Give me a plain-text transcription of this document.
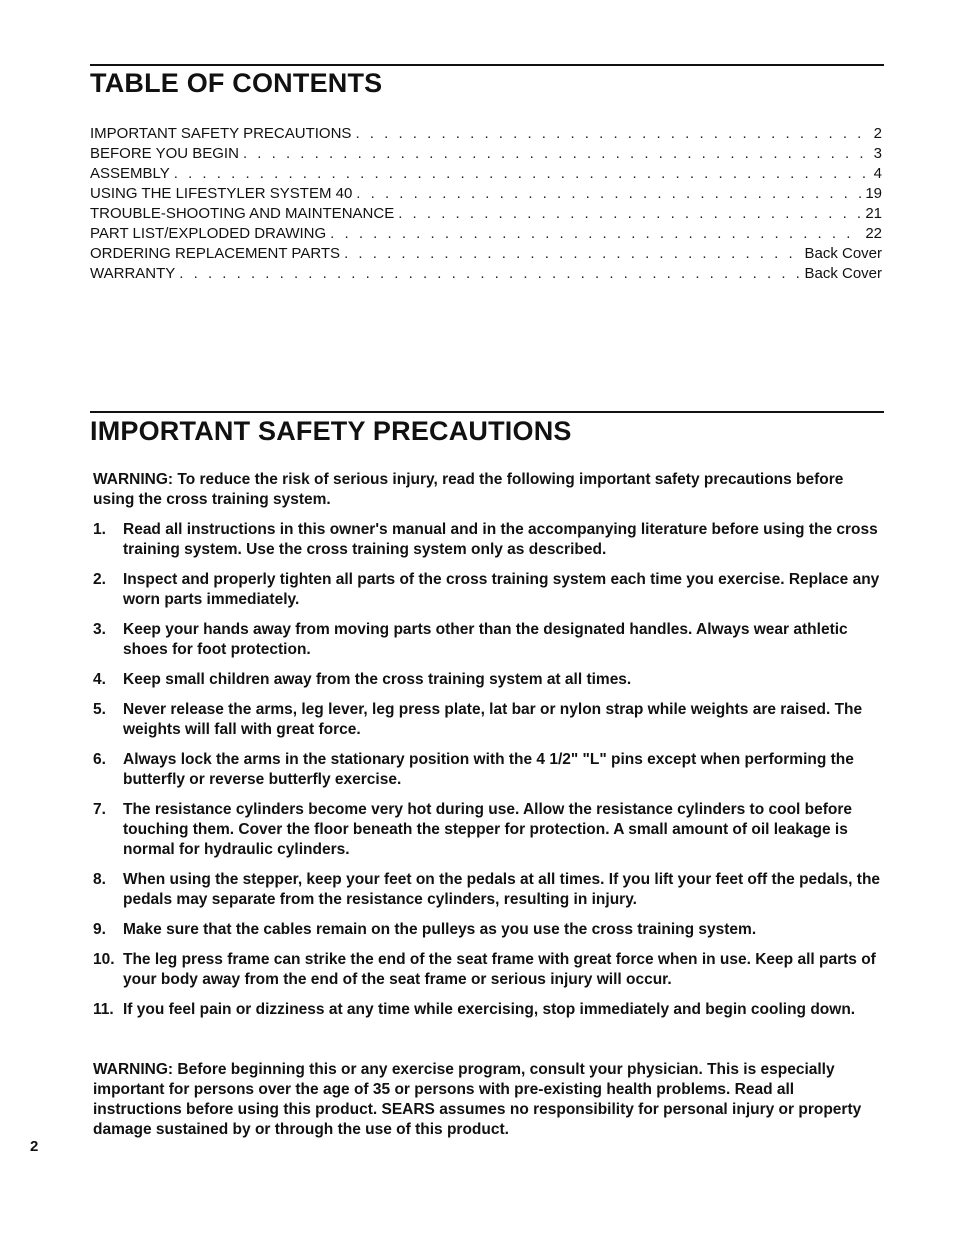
TABLE OF CONTENTS
IMPORTANT SAFETY PRECAUTIONS . . .	2
BEFORE YOU BEGIN . . .	3
ASSEMBLY . . .	4
USING THE LIFESTYLER SYSTEM 40 . . .	19
TROUBLE-SHOOTING AND MAINTENANCE . . .	21
PART LIST/EXPLODED DRAWING . . .	22
ORDERING REPLACEMENT PARTS . . .	Back Cover
WARRANTY . . .	Back Cover
IMPORTANT SAFETY PRECAUTIONS

WARNING: To reduce the risk of serious injury, read the following important safety precautions before using the cross training system.

1.	Read all instructions in this owner's manual and in the accompanying literature before using the cross training system. Use the cross training system only as described.
2.	Inspect and properly tighten all parts of the cross training system each time you exercise. Replace any worn parts immediately.
3.	Keep your hands away from moving parts other than the designated handles. Always wear athletic shoes for foot protection.
4.	Keep small children away from the cross training system at all times.
5.	Never release the arms, leg lever, leg press plate, lat bar or nylon strap while weights are raised. The weights will fall with great force.
6.	Always lock the arms in the stationary position with the 4 1/2" "L" pins except when performing the butterfly or reverse butterfly exercise.
7.	The resistance cylinders become very hot during use. Allow the resistance cylinders to cool before touching them. Cover the floor beneath the stepper for protection. A small amount of oil leakage is normal for hydraulic cylinders.
8.	When using the stepper, keep your feet on the pedals at all times. If you lift your feet off the pedals, the pedals may separate from the resistance cylinders, resulting in injury.
9.	Make sure that the cables remain on the pulleys as you use the cross training system.
10. The leg press frame can strike the end of the seat frame with great force when in use. Keep all parts of your body away from the end of the seat frame or serious injury will occur.
11. If you feel pain or dizziness at any time while exercising, stop immediately and begin cooling down.

WARNING: Before beginning this or any exercise program, consult your physician. This is especially important for persons over the age of 35 or persons with pre-existing health problems. Read all instructions before using this product. SEARS assumes no responsibility for personal injury or property damage sustained by or through the use of this product.

2
